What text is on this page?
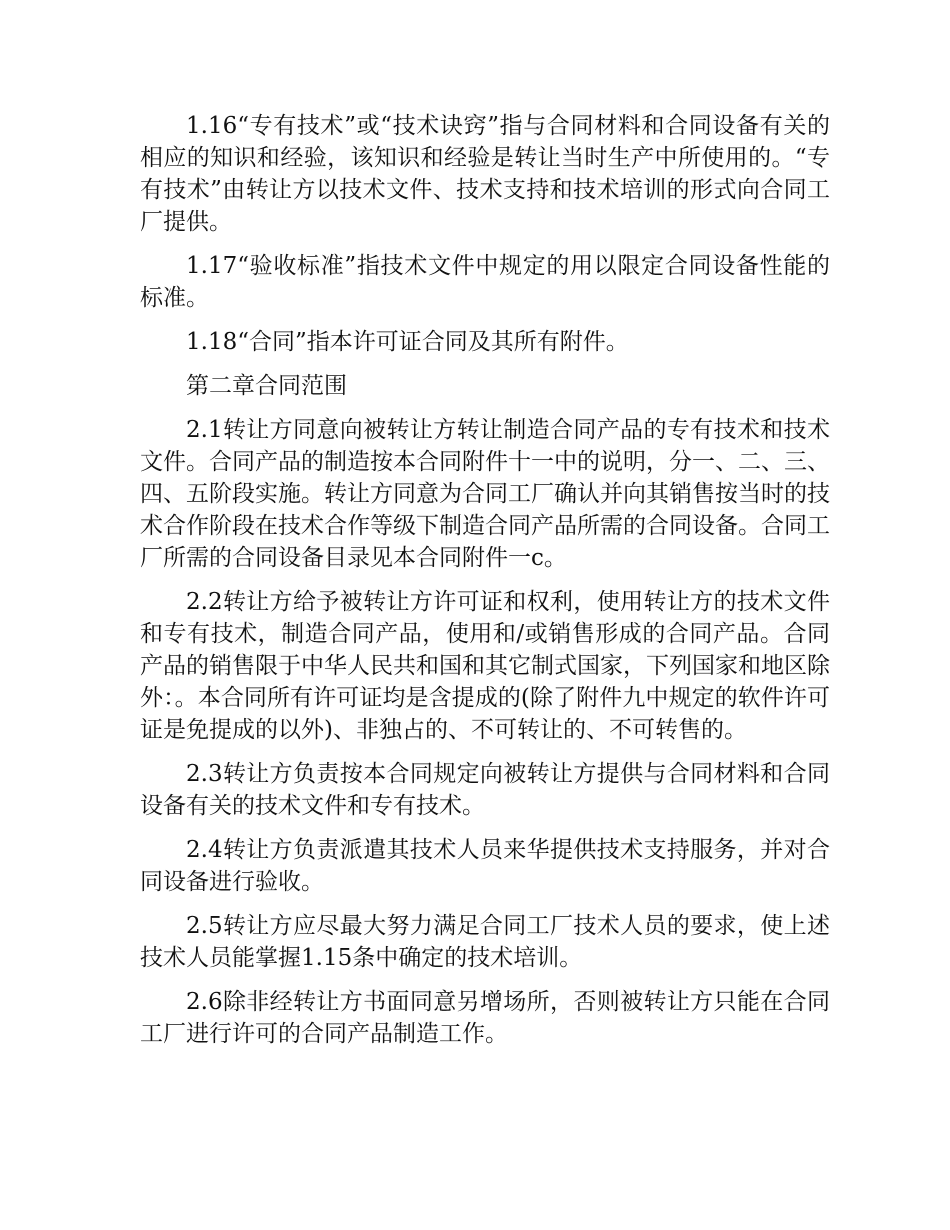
1.16“专有技术”或“技术诀窍”指与合同材料和合同设备有关的相应的知识和经验，该知识和经验是转让当时生产中所使用的。“专有技术”由转让方以技术文件、技术支持和技术培训的形式向合同工厂提供。

1.17“验收标准”指技术文件中规定的用以限定合同设备性能的标准。

1.18“合同”指本许可证合同及其所有附件。

第二章合同范围

2.1转让方同意向被转让方转让制造合同产品的专有技术和技术文件。合同产品的制造按本合同附件十一中的说明，分一、二、三、四、五阶段实施。转让方同意为合同工厂确认并向其销售按当时的技术合作阶段在技术合作等级下制造合同产品所需的合同设备。合同工厂所需的合同设备目录见本合同附件一c。

2.2转让方给予被转让方许可证和权利，使用转让方的技术文件和专有技术，制造合同产品，使用和/或销售形成的合同产品。合同产品的销售限于中华人民共和国和其它制式国家，下列国家和地区除外：。本合同所有许可证均是含提成的(除了附件九中规定的软件许可证是免提成的以外)、非独占的、不可转让的、不可转售的。

2.3转让方负责按本合同规定向被转让方提供与合同材料和合同设备有关的技术文件和专有技术。

2.4转让方负责派遣其技术人员来华提供技术支持服务，并对合同设备进行验收。

2.5转让方应尽最大努力满足合同工厂技术人员的要求，使上述技术人员能掌握1.15条中确定的技术培训。

2.6除非经转让方书面同意另增场所，否则被转让方只能在合同工厂进行许可的合同产品制造工作。
